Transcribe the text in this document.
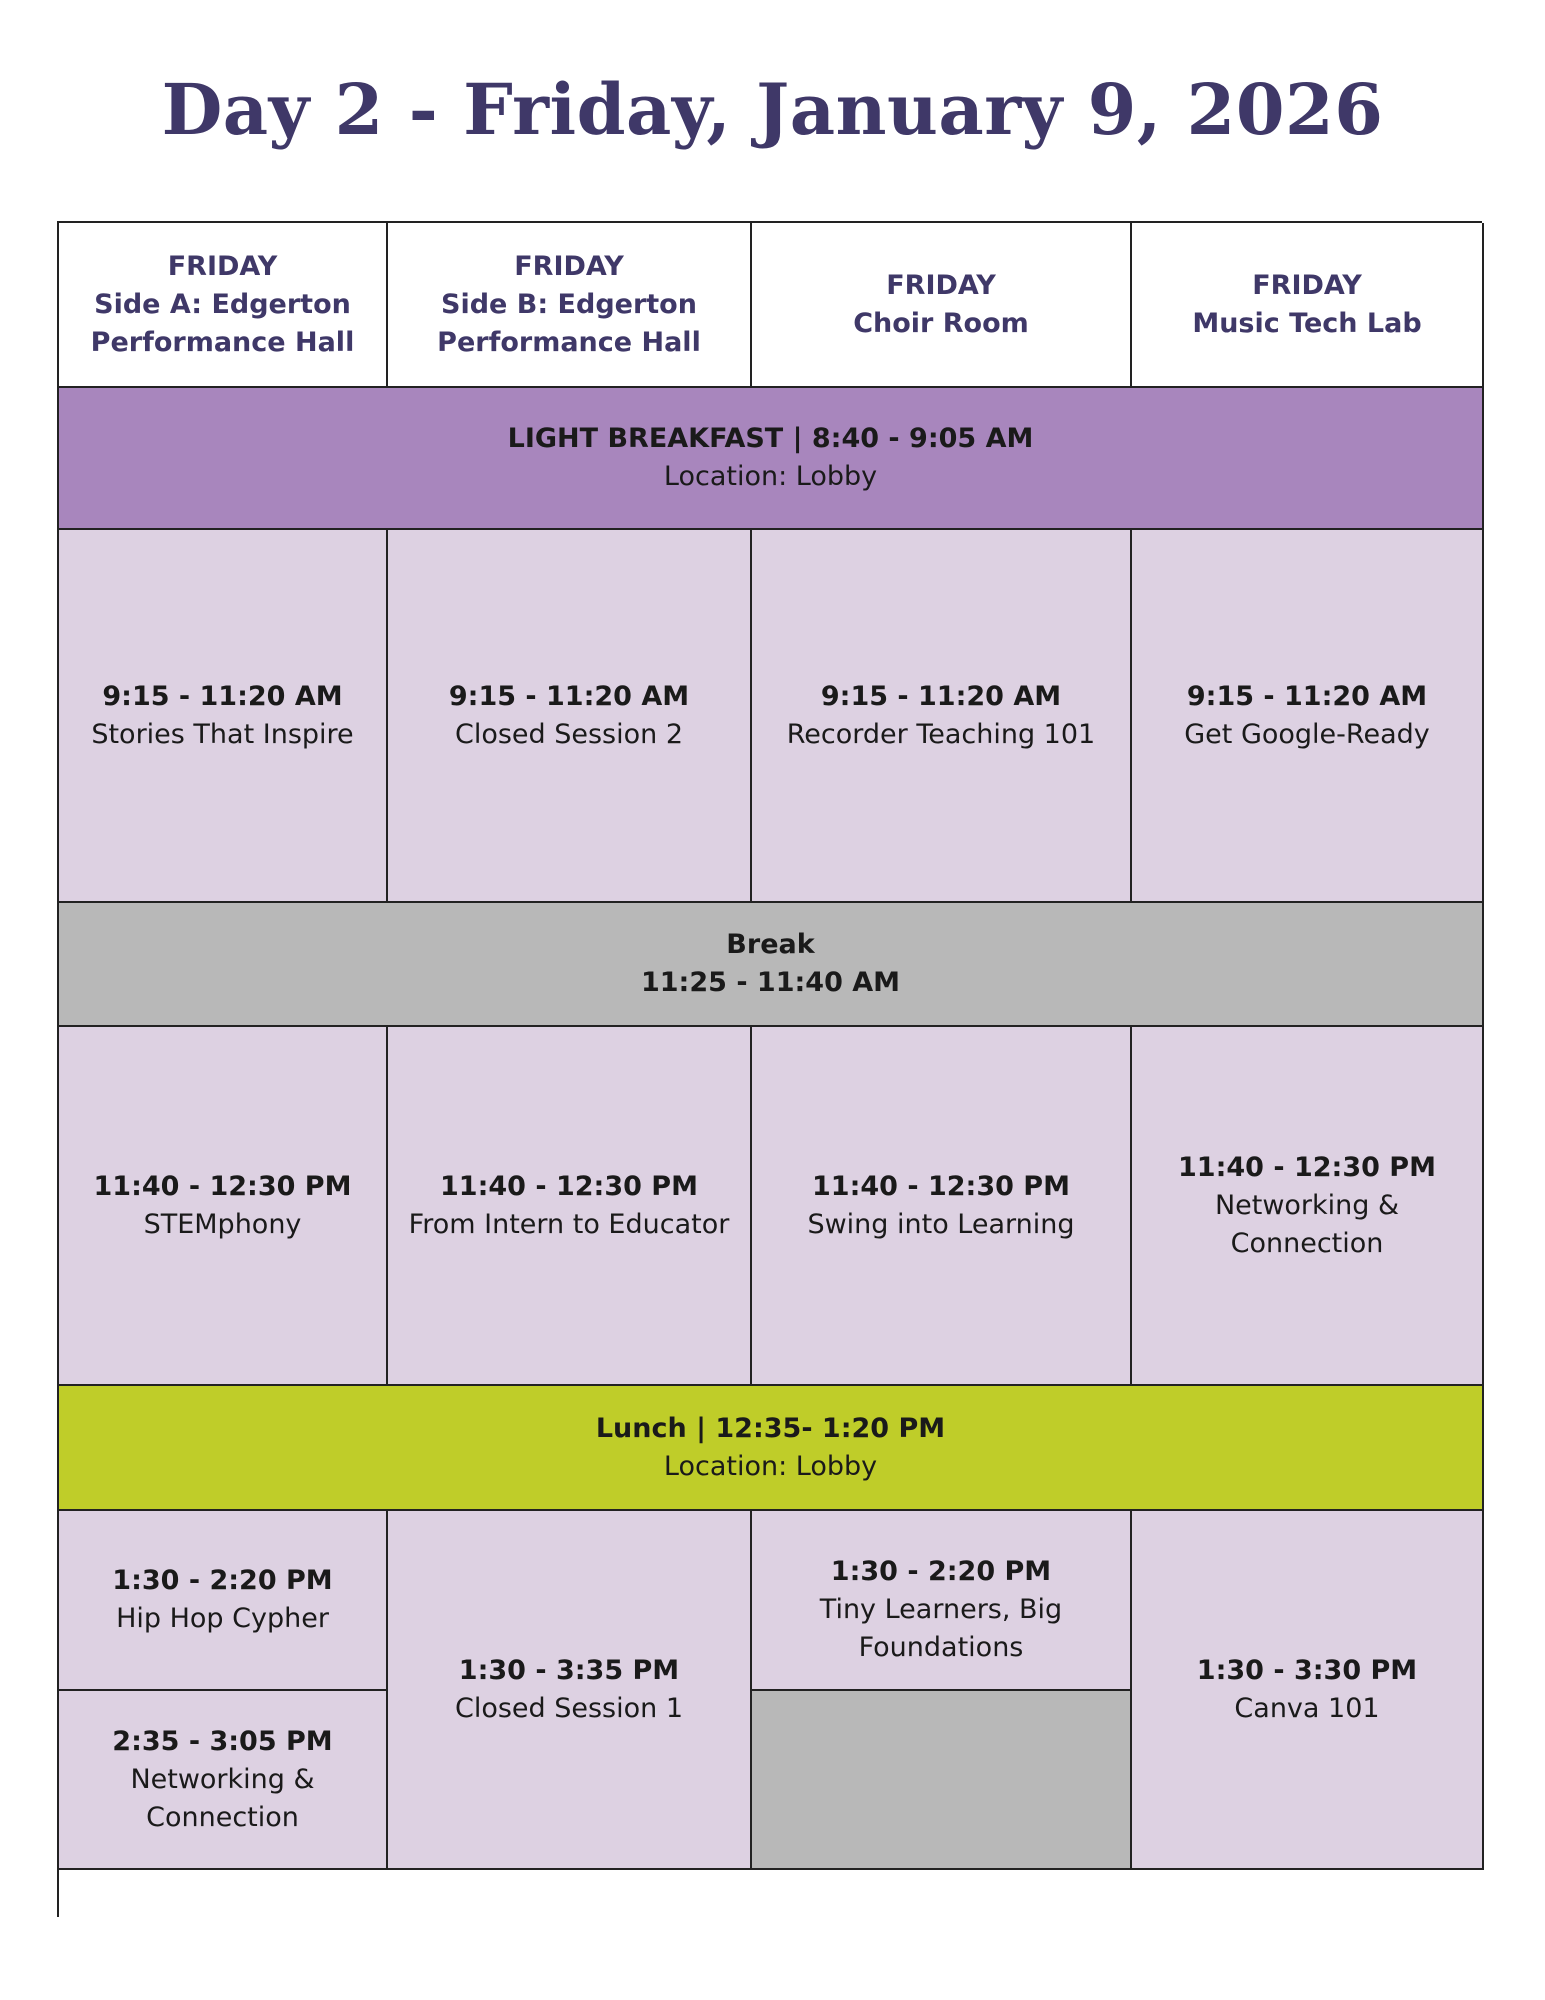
Day 2 - Friday, January 9, 2026
FRIDAY
Side A: Edgerton
Performance Hall
FRIDAY
Side B: Edgerton
Performance Hall
FRIDAY
Choir Room
FRIDAY
Music Tech Lab
LIGHT BREAKFAST | 8:40 - 9:05 AM
Location: Lobby
9:15 - 11:20 AM
Stories That Inspire
9:15 - 11:20 AM
Closed Session 2
9:15 - 11:20 AM
Recorder Teaching 101
9:15 - 11:20 AM
Get Google-Ready
Break
11:25 - 11:40 AM
11:40 - 12:30 PM
STEMphony
11:40 - 12:30 PM
From Intern to Educator
11:40 - 12:30 PM
Swing into Learning
11:40 - 12:30 PM
Networking &
Connection
Lunch | 12:35- 1:20 PM
Location: Lobby
1:30 - 2:20 PM
Hip Hop Cypher
2:35 - 3:05 PM
Networking &
Connection
1:30 - 3:35 PM
Closed Session 1
1:30 - 2:20 PM
Tiny Learners, Big
Foundations
1:30 - 3:30 PM
Canva 101
